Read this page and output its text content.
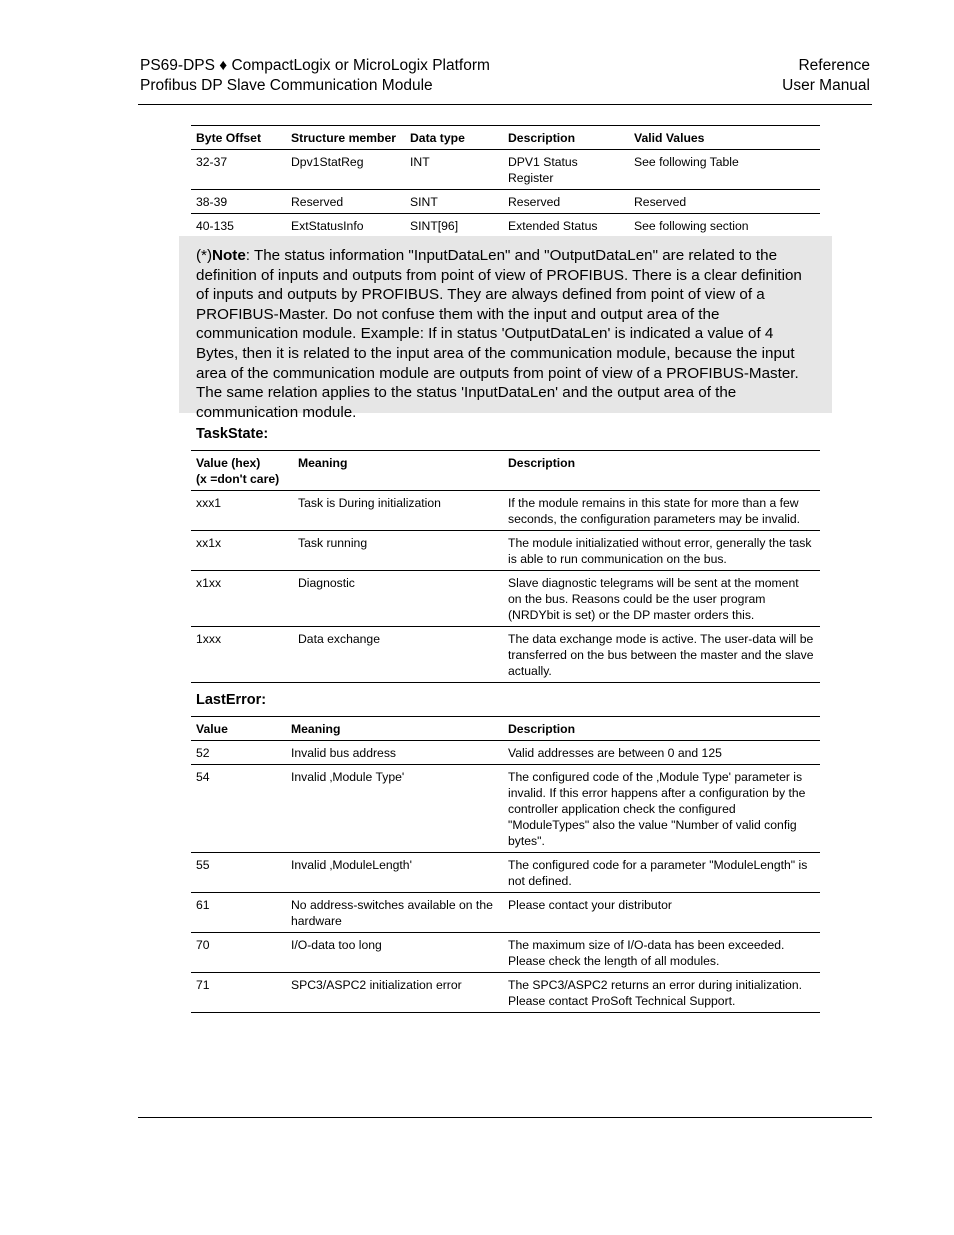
PS69-DPS ♦ CompactLogix or MicroLogix Platform
Profibus DP Slave Communication Module
Reference
User Manual
Byte Offset	Structure member	Data type	Description	Valid Values
32-37	Dpv1StatReg	INT	DPV1 Status Register	See following Table
38-39	Reserved	SINT	Reserved	Reserved
40-135	ExtStatusInfo	SINT[96]	Extended Status	See following section
(*)Note: The status information "InputDataLen" and "OutputDataLen" are related to the definition of inputs and outputs from point of view of PROFIBUS. There is a clear definition of inputs and outputs by PROFIBUS. They are always defined from point of view of a PROFIBUS-Master. Do not confuse them with the input and output area of the communication module. Example: If in status 'OutputDataLen' is indicated a value of 4 Bytes, then it is related to the input area of the communication module, because the input area of the communication module are outputs from point of view of a PROFIBUS-Master. The same relation applies to the status 'InputDataLen' and the output area of the communication module.
TaskState:
Value (hex)
(x =don't care)	Meaning	Description
xxx1	Task is During initialization	If the module remains in this state for more than a few seconds, the configuration parameters may be invalid.
xx1x	Task running	The module initializatied without error, generally the task is able to run communication on the bus.
x1xx	Diagnostic	Slave diagnostic telegrams will be sent at the moment on the bus. Reasons could be the user program (NRDYbit is set) or the DP master orders this.
1xxx	Data exchange	The data exchange mode is active. The user-data will be transferred on the bus between the master and the slave actually.
LastError:
Value	Meaning	Description
52	Invalid bus address	Valid addresses are between 0 and 125
54	Invalid ‚Module Type'	The configured code of the ‚Module Type' parameter is invalid. If this error happens after a configuration by the controller application check the configured "ModuleTypes" also the value "Number of valid config bytes".
55	Invalid ‚ModuleLength'	The configured code for a parameter "ModuleLength" is not defined.
61	No address-switches available on the hardware	Please contact your distributor
70	I/O-data too long	The maximum size of I/O-data has been exceeded. Please check the length of all modules.
71	SPC3/ASPC2 initialization error	The SPC3/ASPC2 returns an error during initialization. Please contact ProSoft Technical Support.
